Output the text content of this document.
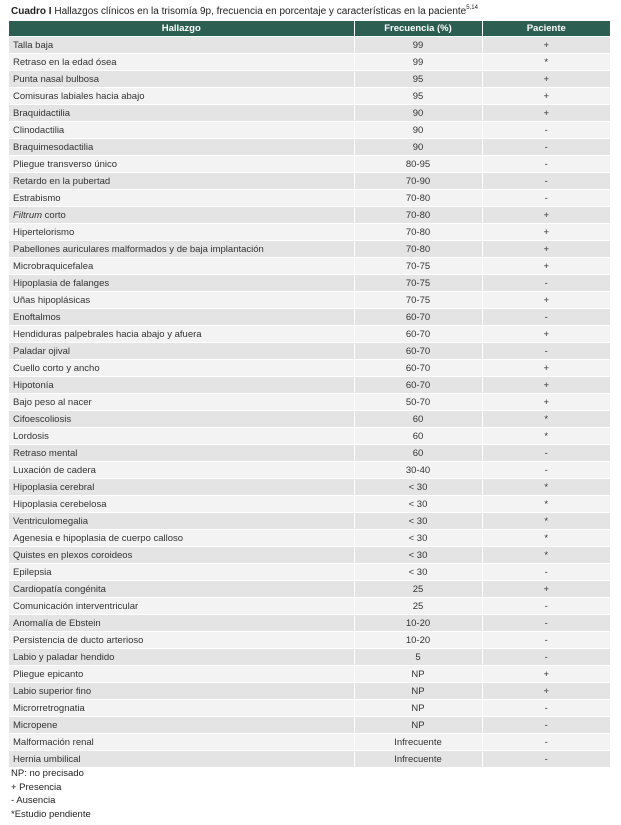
Cuadro I Hallazgos clínicos en la trisomía 9p, frecuencia en porcentaje y características en la paciente$^{5,14}$
Hallazgo	Frecuencia (%)	Paciente
Talla baja	99	+
Retraso en la edad ósea	99	*
Punta nasal bulbosa	95	+
Comisuras labiales hacia abajo	95	+
Braquidactilia	90	+
Clinodactilia	90	-
Braquimesodactilia	90	-
Pliegue transverso único	80-95	-
Retardo en la pubertad	70-90	-
Estrabismo	70-80	-
Filtrum corto	70-80	+
Hipertelorismo	70-80	+
Pabellones auriculares malformados y de baja implantación	70-80	+
Microbraquicefalea	70-75	+
Hipoplasia de falanges	70-75	-
Uñas hipoplásicas	70-75	+
Enoftalmos	60-70	-
Hendiduras palpebrales hacia abajo y afuera	60-70	+
Paladar ojival	60-70	-
Cuello corto y ancho	60-70	+
Hipotonía	60-70	+
Bajo peso al nacer	50-70	+
Cifoescoliosis	60	*
Lordosis	60	*
Retraso mental	60	-
Luxación de cadera	30-40	-
Hipoplasia cerebral	< 30	*
Hipoplasia cerebelosa	< 30	*
Ventriculomegalia	< 30	*
Agenesia e hipoplasia de cuerpo calloso	< 30	*
Quistes en plexos coroideos	< 30	*
Epilepsia	< 30	-
Cardiopatía congénita	25	+
Comunicación interventricular	25	-
Anomalía de Ebstein	10-20	-
Persistencia de ducto arterioso	10-20	-
Labio y paladar hendido	5	-
Pliegue epicanto	NP	+
Labio superior fino	NP	+
Microrretrognatia	NP	-
Micropene	NP	-
Malformación renal	Infrecuente	-
Hernia umbilical	Infrecuente	-
NP: no precisado
+ Presencia
- Ausencia
*Estudio pendiente
